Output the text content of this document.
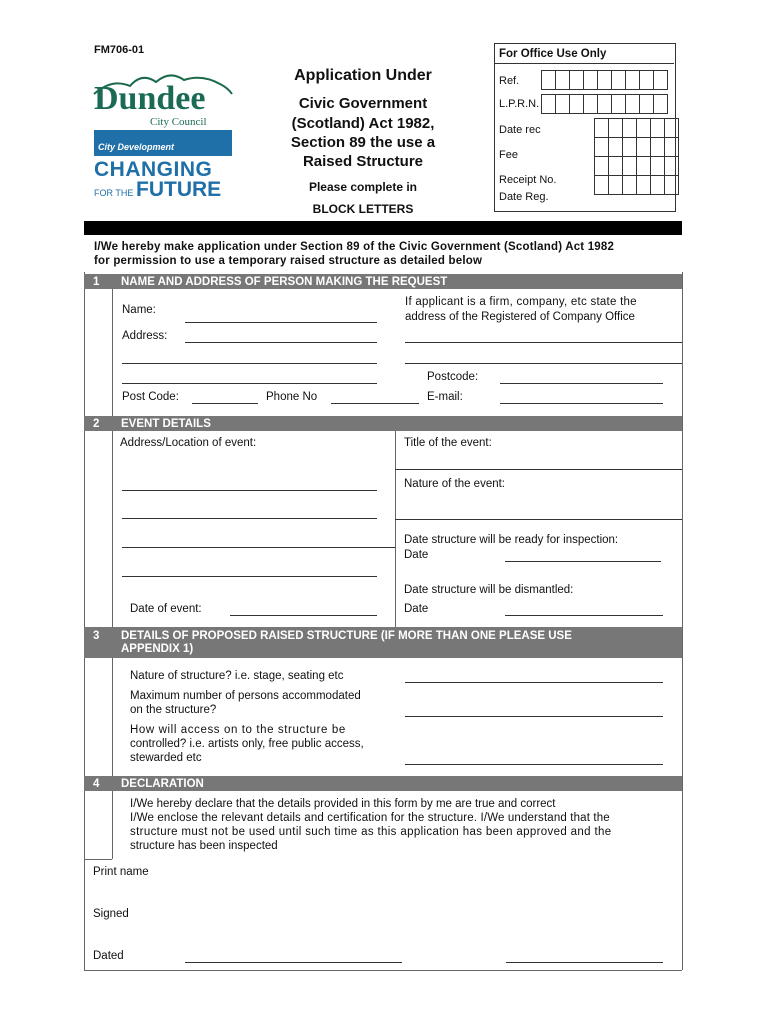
FM706-01
Dundee
City Council
City Development
CHANGING
FOR THE FUTURE
Application Under
Civic Government
(Scotland) Act 1982,
Section 89 the use a
Raised Structure
Please complete in
BLOCK LETTERS
For Office Use Only
Ref.
L.P.R.N.
Date rec
Fee
Receipt No.
Date Reg.

I/We hereby make application under Section 89 of the Civic Government (Scotland) Act 1982
for permission to use a temporary raised structure as detailed below
1 NAME AND ADDRESS OF PERSON MAKING THE REQUEST
Name:
Address:
If applicant is a firm, company, etc state the
address of the Registered of Company Office
Postcode:
Post Code:	Phone No	E-mail:
2 EVENT DETAILS
Address/Location of event:	Title of the event:
Nature of the event:
Date structure will be ready for inspection:
Date
Date structure will be dismantled:
Date
Date of event:
3 DETAILS OF PROPOSED RAISED STRUCTURE (IF MORE THAN ONE PLEASE USE
APPENDIX 1)
Nature of structure? i.e. stage, seating etc
Maximum number of persons accommodated
on the structure?
How will access on to the structure be
controlled? i.e. artists only, free public access,
stewarded etc
4 DECLARATION
I/We hereby declare that the details provided in this form by me are true and correct
I/We enclose the relevant details and certification for the structure. I/We understand that the
structure must not be used until such time as this application has been approved and the
structure has been inspected
Print name
Signed
Dated
